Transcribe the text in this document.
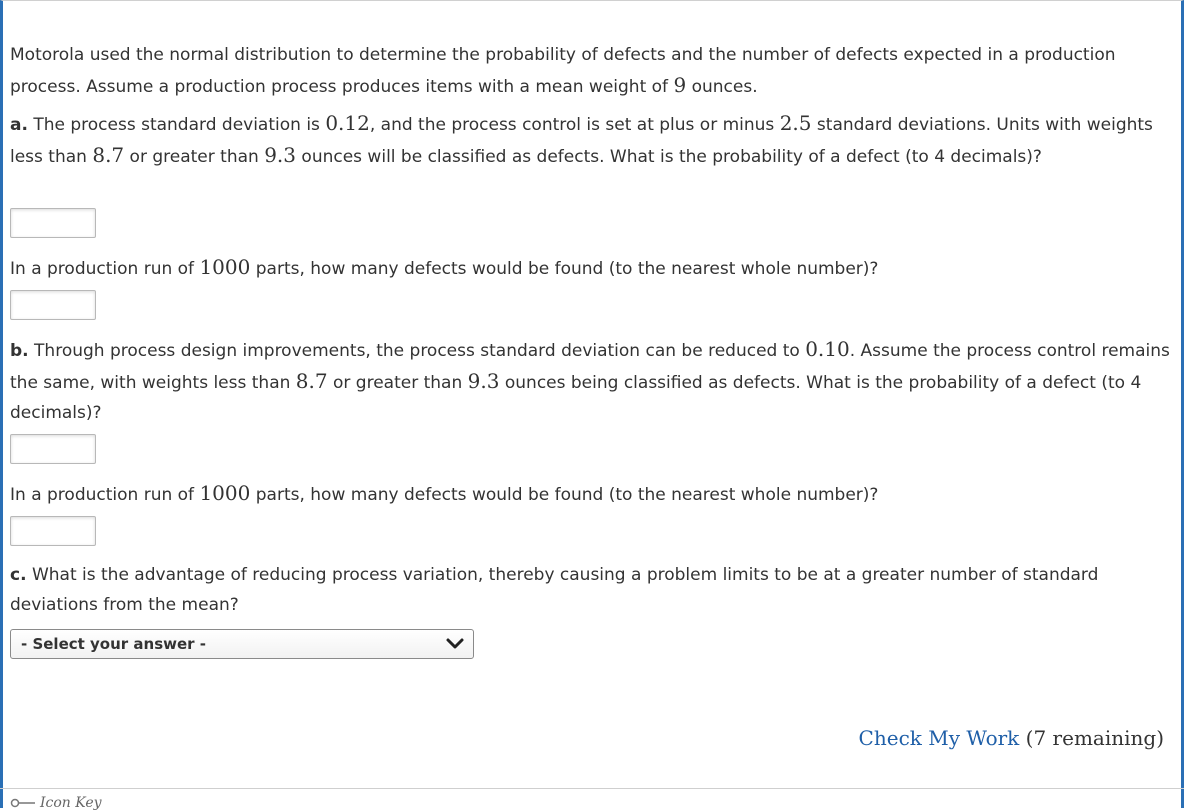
Motorola used the normal distribution to determine the probability of defects and the number of defects expected in a production process. Assume a production process produces items with a mean weight of 9 ounces.

a. The process standard deviation is 0.12, and the process control is set at plus or minus 2.5 standard deviations. Units with weights less than 8.7 or greater than 9.3 ounces will be classified as defects. What is the probability of a defect (to 4 decimals)?

In a production run of 1000 parts, how many defects would be found (to the nearest whole number)?

b. Through process design improvements, the process standard deviation can be reduced to 0.10. Assume the process control remains the same, with weights less than 8.7 or greater than 9.3 ounces being classified as defects. What is the probability of a defect (to 4 decimals)?

In a production run of 1000 parts, how many defects would be found (to the nearest whole number)?

c. What is the advantage of reducing process variation, thereby causing a problem limits to be at a greater number of standard deviations from the mean?

- Select your answer -
Check My Work (7 remaining)
Icon Key
